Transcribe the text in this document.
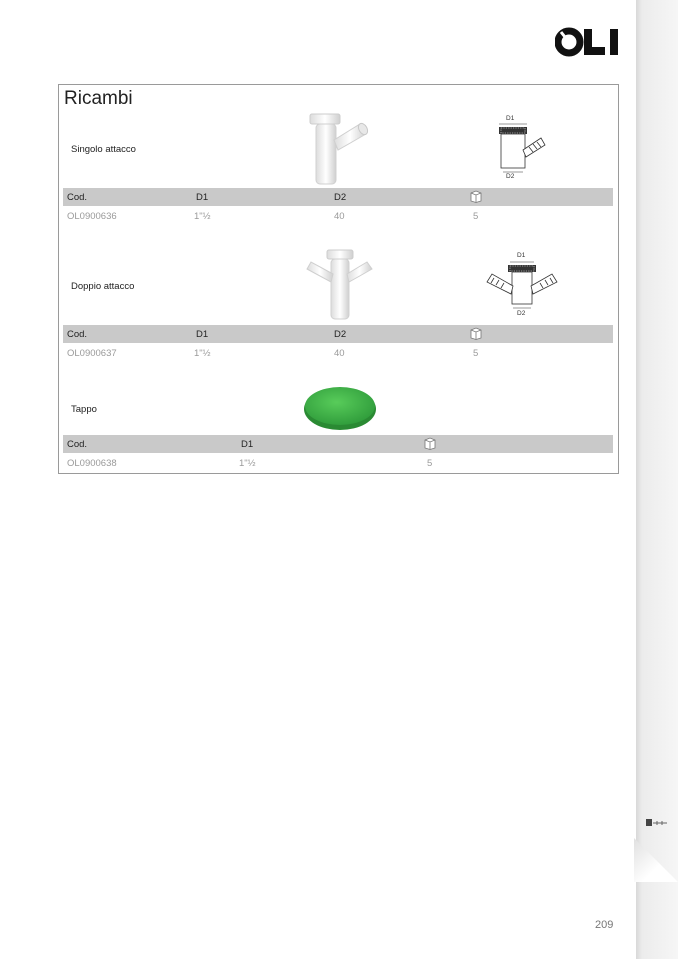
Ricambi
Singolo attacco
D1
D2
Cod.	D1	D2
OL0900636	1"½	40	5
Doppio attacco
D1
D2
Cod.	D1	D2
OL0900637	1"½	40	5
Tappo
Cod.	D1
OL0900638	1"½	5
209
